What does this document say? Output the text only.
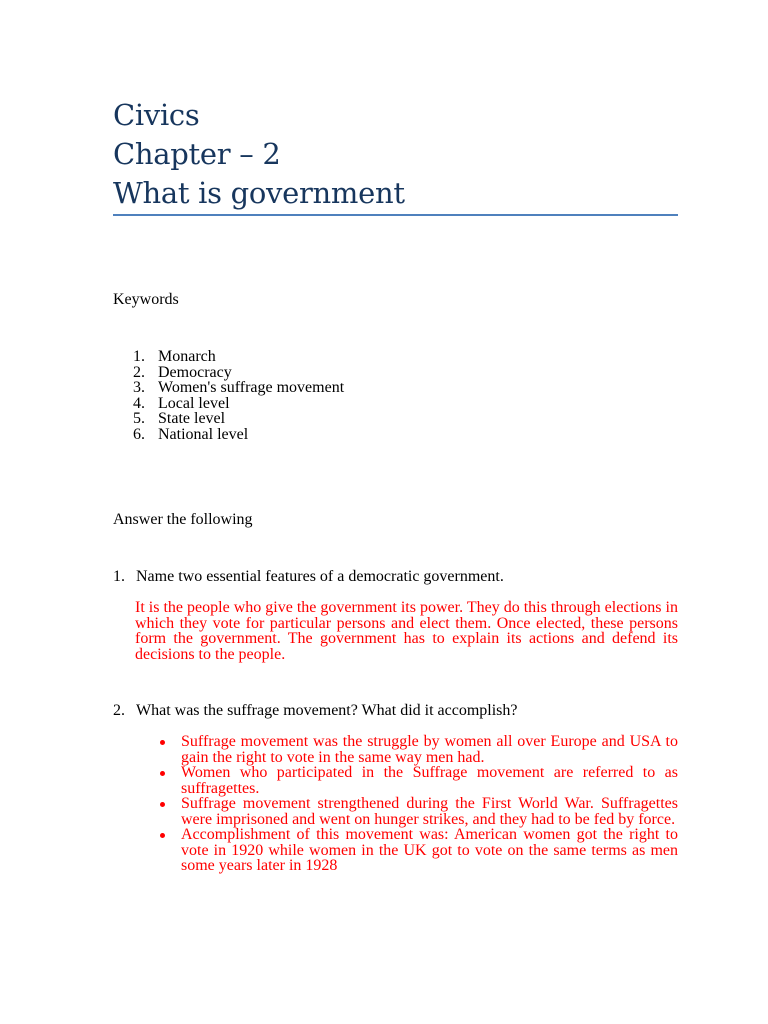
Civics
Chapter – 2
What is government
Keywords
1. Monarch
2. Democracy
3. Women's suffrage movement
4. Local level
5. State level
6. National level
Answer the following
1. Name two essential features of a democratic government.

It is the people who give the government its power. They do this through elections in which they vote for particular persons and elect them. Once elected, these persons form the government. The government has to explain its actions and defend its decisions to the people.

2. What was the suffrage movement? What did it accomplish?
Suffrage movement was the struggle by women all over Europe and USA to gain the right to vote in the same way men had.
Women who participated in the Suffrage movement are referred to as suffragettes.
Suffrage movement strengthened during the First World War. Suffragettes were imprisoned and went on hunger strikes, and they had to be fed by force.
Accomplishment of this movement was: American women got the right to vote in 1920 while women in the UK got to vote on the same terms as men some years later in 1928
